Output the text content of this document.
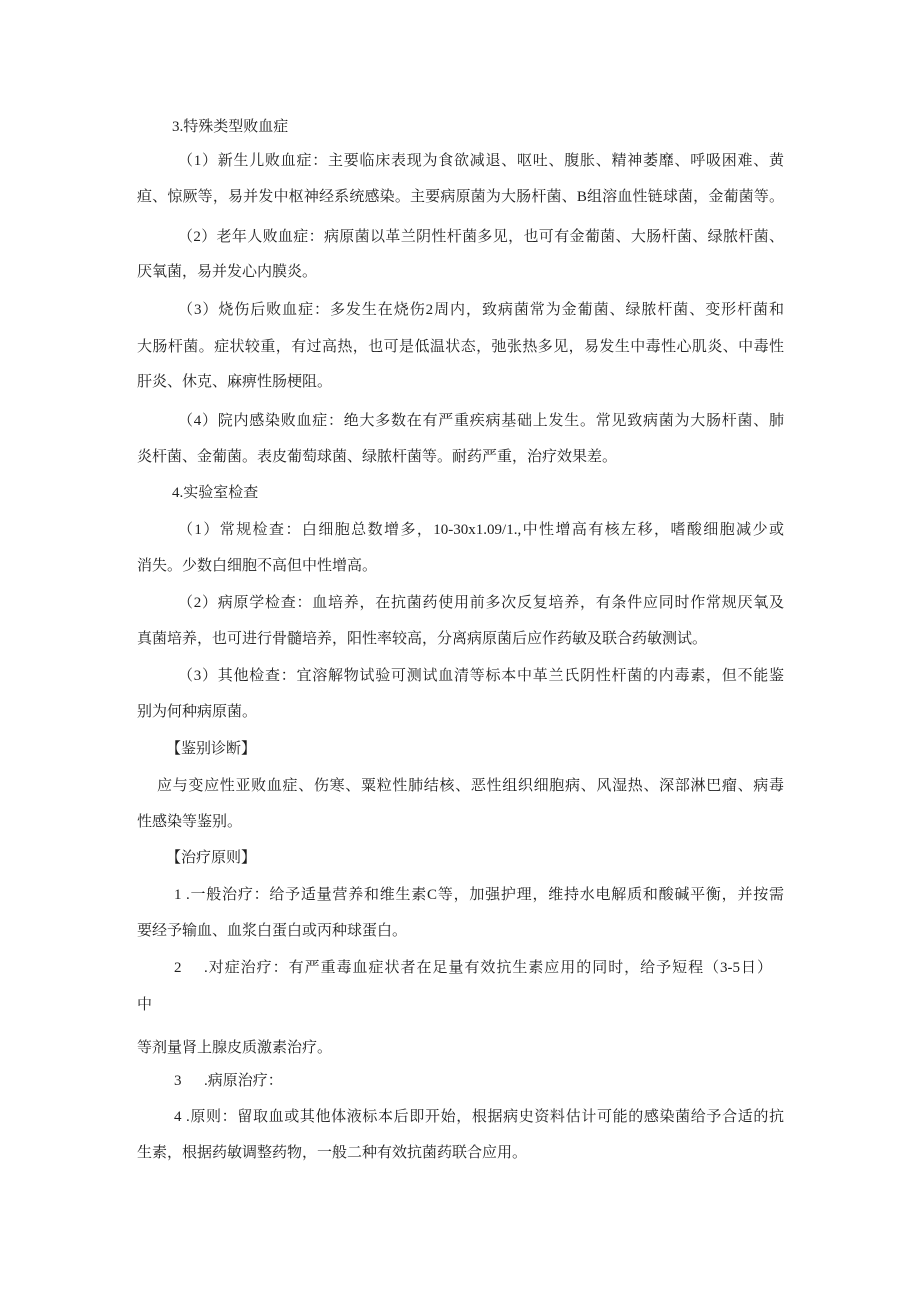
3.特殊类型败血症
（1）新生儿败血症：主要临床表现为食欲减退、呕吐、腹胀、精神萎靡、呼吸困难、黄
疸、惊厥等，易并发中枢神经系统感染。主要病原菌为大肠杆菌、B组溶血性链球菌，金葡菌等。
（2）老年人败血症：病原菌以革兰阴性杆菌多见，也可有金葡菌、大肠杆菌、绿脓杆菌、
厌氧菌，易并发心内膜炎。
（3）烧伤后败血症：多发生在烧伤2周内，致病菌常为金葡菌、绿脓杆菌、变形杆菌和
大肠杆菌。症状较重，有过高热，也可是低温状态，弛张热多见，易发生中毒性心肌炎、中毒性
肝炎、休克、麻痹性肠梗阻。
（4）院内感染败血症：绝大多数在有严重疾病基础上发生。常见致病菌为大肠杆菌、肺
炎杆菌、金葡菌。表皮葡萄球菌、绿脓杆菌等。耐药严重，治疗效果差。
4.实验室检查
（1）常规检查：白细胞总数增多，10-30x1.09/1.,中性增高有核左移，嗜酸细胞减少或
消失。少数白细胞不高但中性增高。
（2）病原学检查：血培养，在抗菌药使用前多次反复培养，有条件应同时作常规厌氧及
真菌培养，也可进行骨髓培养，阳性率较高，分离病原菌后应作药敏及联合药敏测试。
（3）其他检查：宜溶解物试验可测试血清等标本中革兰氏阴性杆菌的内毒素，但不能鉴
别为何种病原菌。
【鉴别诊断】
应与变应性亚败血症、伤寒、粟粒性肺结核、恶性组织细胞病、风湿热、深部淋巴瘤、病毒
性感染等鉴别。
【治疗原则】
1 .一般治疗：给予适量营养和维生素C等，加强护理，维持水电解质和酸碱平衡，并按需
要经予输血、血浆白蛋白或丙种球蛋白。
2 .对症治疗：有严重毒血症状者在足量有效抗生素应用的同时，给予短程（3-5日）
中
等剂量肾上腺皮质激素治疗。
3 .病原治疗：
4 .原则：留取血或其他体液标本后即开始，根据病史资料估计可能的感染菌给予合适的抗
生素，根据药敏调整药物，一般二种有效抗菌药联合应用。
